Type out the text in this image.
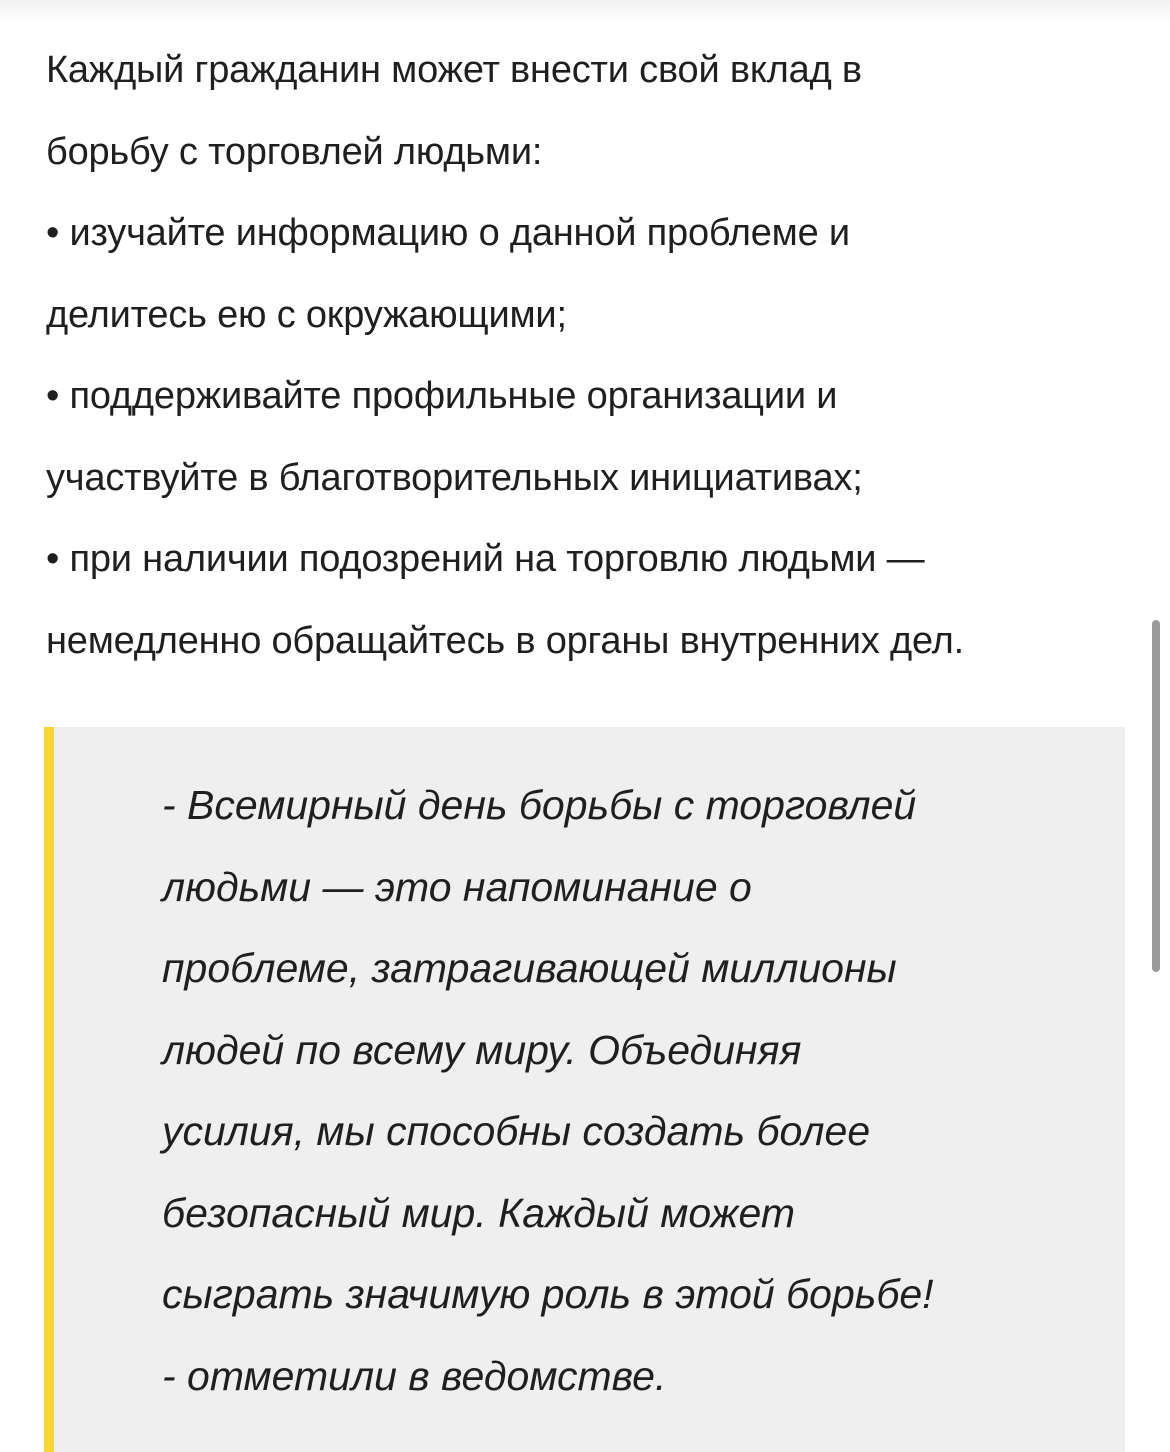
Каждый гражданин может внести свой вклад в
борьбу с торговлей людьми:
• изучайте информацию о данной проблеме и
делитесь ею с окружающими;
• поддерживайте профильные организации и
участвуйте в благотворительных инициативах;
• при наличии подозрений на торговлю людьми —
немедленно обращайтесь в органы внутренних дел.
- Всемирный день борьбы с торговлей
людьми — это напоминание о
проблеме, затрагивающей миллионы
людей по всему миру. Объединяя
усилия, мы способны создать более
безопасный мир. Каждый может
сыграть значимую роль в этой борьбе!
- отметили в ведомстве.
